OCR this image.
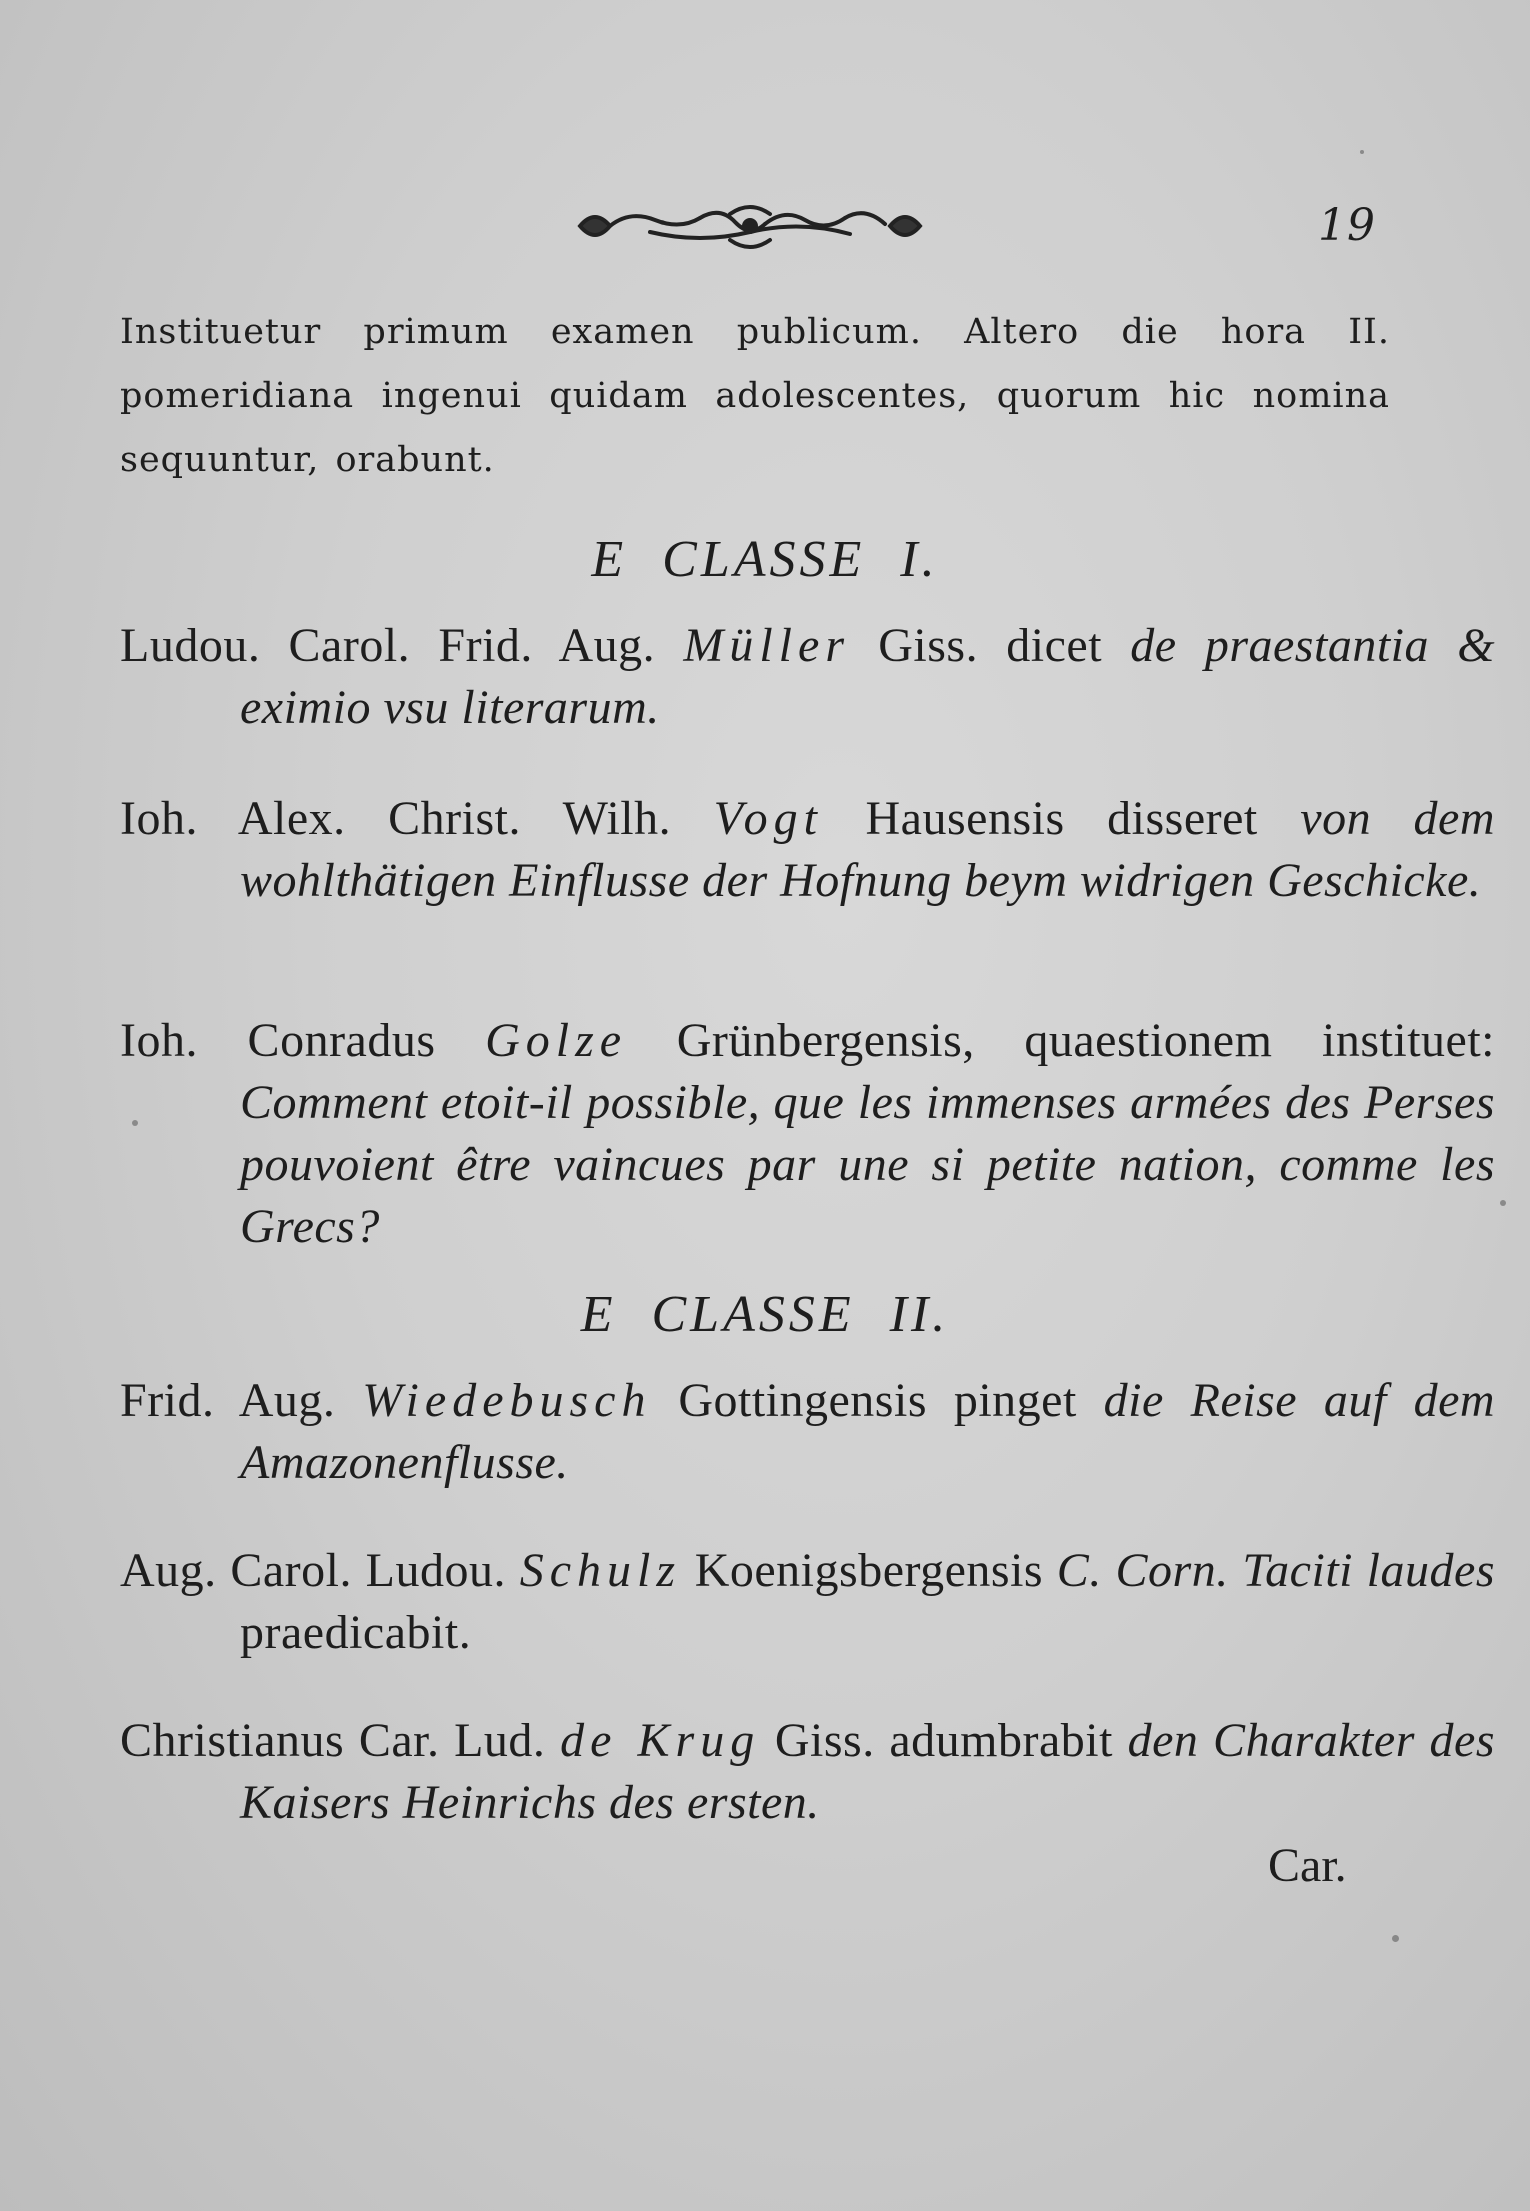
19
Instituetur primum examen publicum. Altero die hora II. pomeridiana ingenui quidam adolescentes, quorum hic nomina sequuntur, orabunt.
E CLASSE I.
Ludou. Carol. Frid. Aug. Müller Giss. dicet de praestantia & eximio vsu literarum.
Ioh. Alex. Christ. Wilh. Vogt Hausensis disseret von dem wohlthätigen Einflusse der Hofnung beym widrigen Geschicke.
Ioh. Conradus Golze Grünbergensis, quaestionem instituet: Comment etoit-il possible, que les immenses armées des Perses pouvoient être vaincues par une si petite nation, comme les Grecs?
E CLASSE II.
Frid. Aug. Wiedebusch Gottingensis pinget die Reise auf dem Amazonenflusse.
Aug. Carol. Ludou. Schulz Koenigsbergensis C. Corn. Taciti laudes praedicabit.
Christianus Car. Lud. de Krug Giss. adumbrabit den Charakter des Kaisers Heinrichs des ersten.
Car.
